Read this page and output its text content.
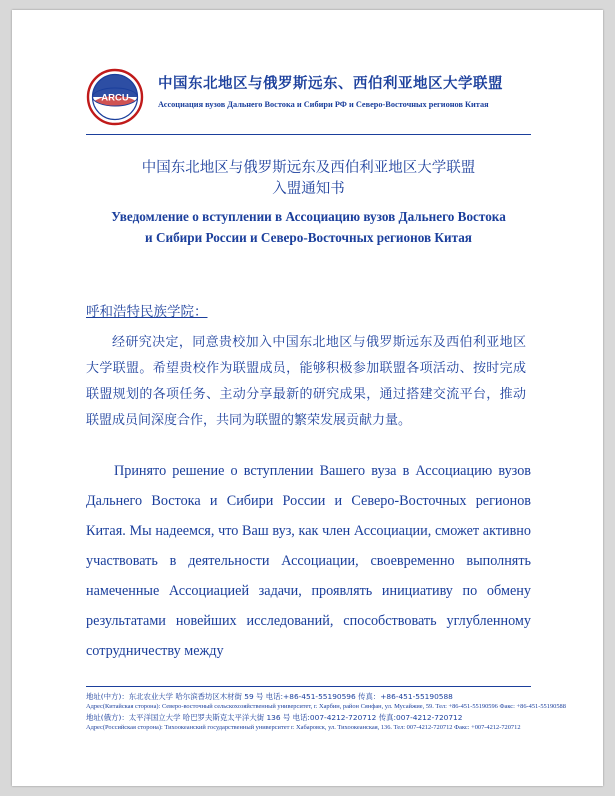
ARCU
中国东北地区与俄罗斯远东、西伯利亚地区大学联盟
Ассоциация вузов Дальнего Востока и Сибири РФ и Северо-Восточных регионов Китая
中国东北地区与俄罗斯远东及西伯利亚地区大学联盟
入盟通知书
Уведомление о вступлении в Ассоциацию вузов Дальнего Востока и Сибири России и Северо-Восточных регионов Китая
呼和浩特民族学院：

经研究决定，同意贵校加入中国东北地区与俄罗斯远东及西伯利亚地区大学联盟。希望贵校作为联盟成员，能够积极参加联盟各项活动、按时完成联盟规划的各项任务、主动分享最新的研究成果，通过搭建交流平台，推动联盟成员间深度合作，共同为联盟的繁荣发展贡献力量。

Принято решение о вступлении Вашего вуза в Ассоциацию вузов Дальнего Востока и Сибири России и Северо-Восточных регионов Китая. Мы надеемся, что Ваш вуз, как член Ассоциации, сможет активно участвовать в деятельности Ассоциации, своевременно выполнять намеченные Ассоциацией задачи, проявлять инициативу по обмену результатами новейших исследований, способствовать углубленному сотрудничеству между

地址(中方)：东北农业大学 哈尔滨香坊区木材街 59 号 电话:+86-451-55190596 传真：+86-451-55190588
Адрес(Китайская сторона): Северо-восточный сельскохозяйственный университет, г. Харбин, район Сянфан, ул. Мусайжие, 59. Тел: +86-451-55190596 Факс: +86-451-55190588
地址(俄方)：太平洋国立大学 哈巴罗夫斯克太平洋大街 136 号 电话:007-4212-720712 传真:007-4212-720712
Адрес(Российская сторона): Тихоокеанский государственный университет г. Хабаровск, ул. Тихоокеанская, 136. Тел: 007-4212-720712 Факс: +007-4212-720712
